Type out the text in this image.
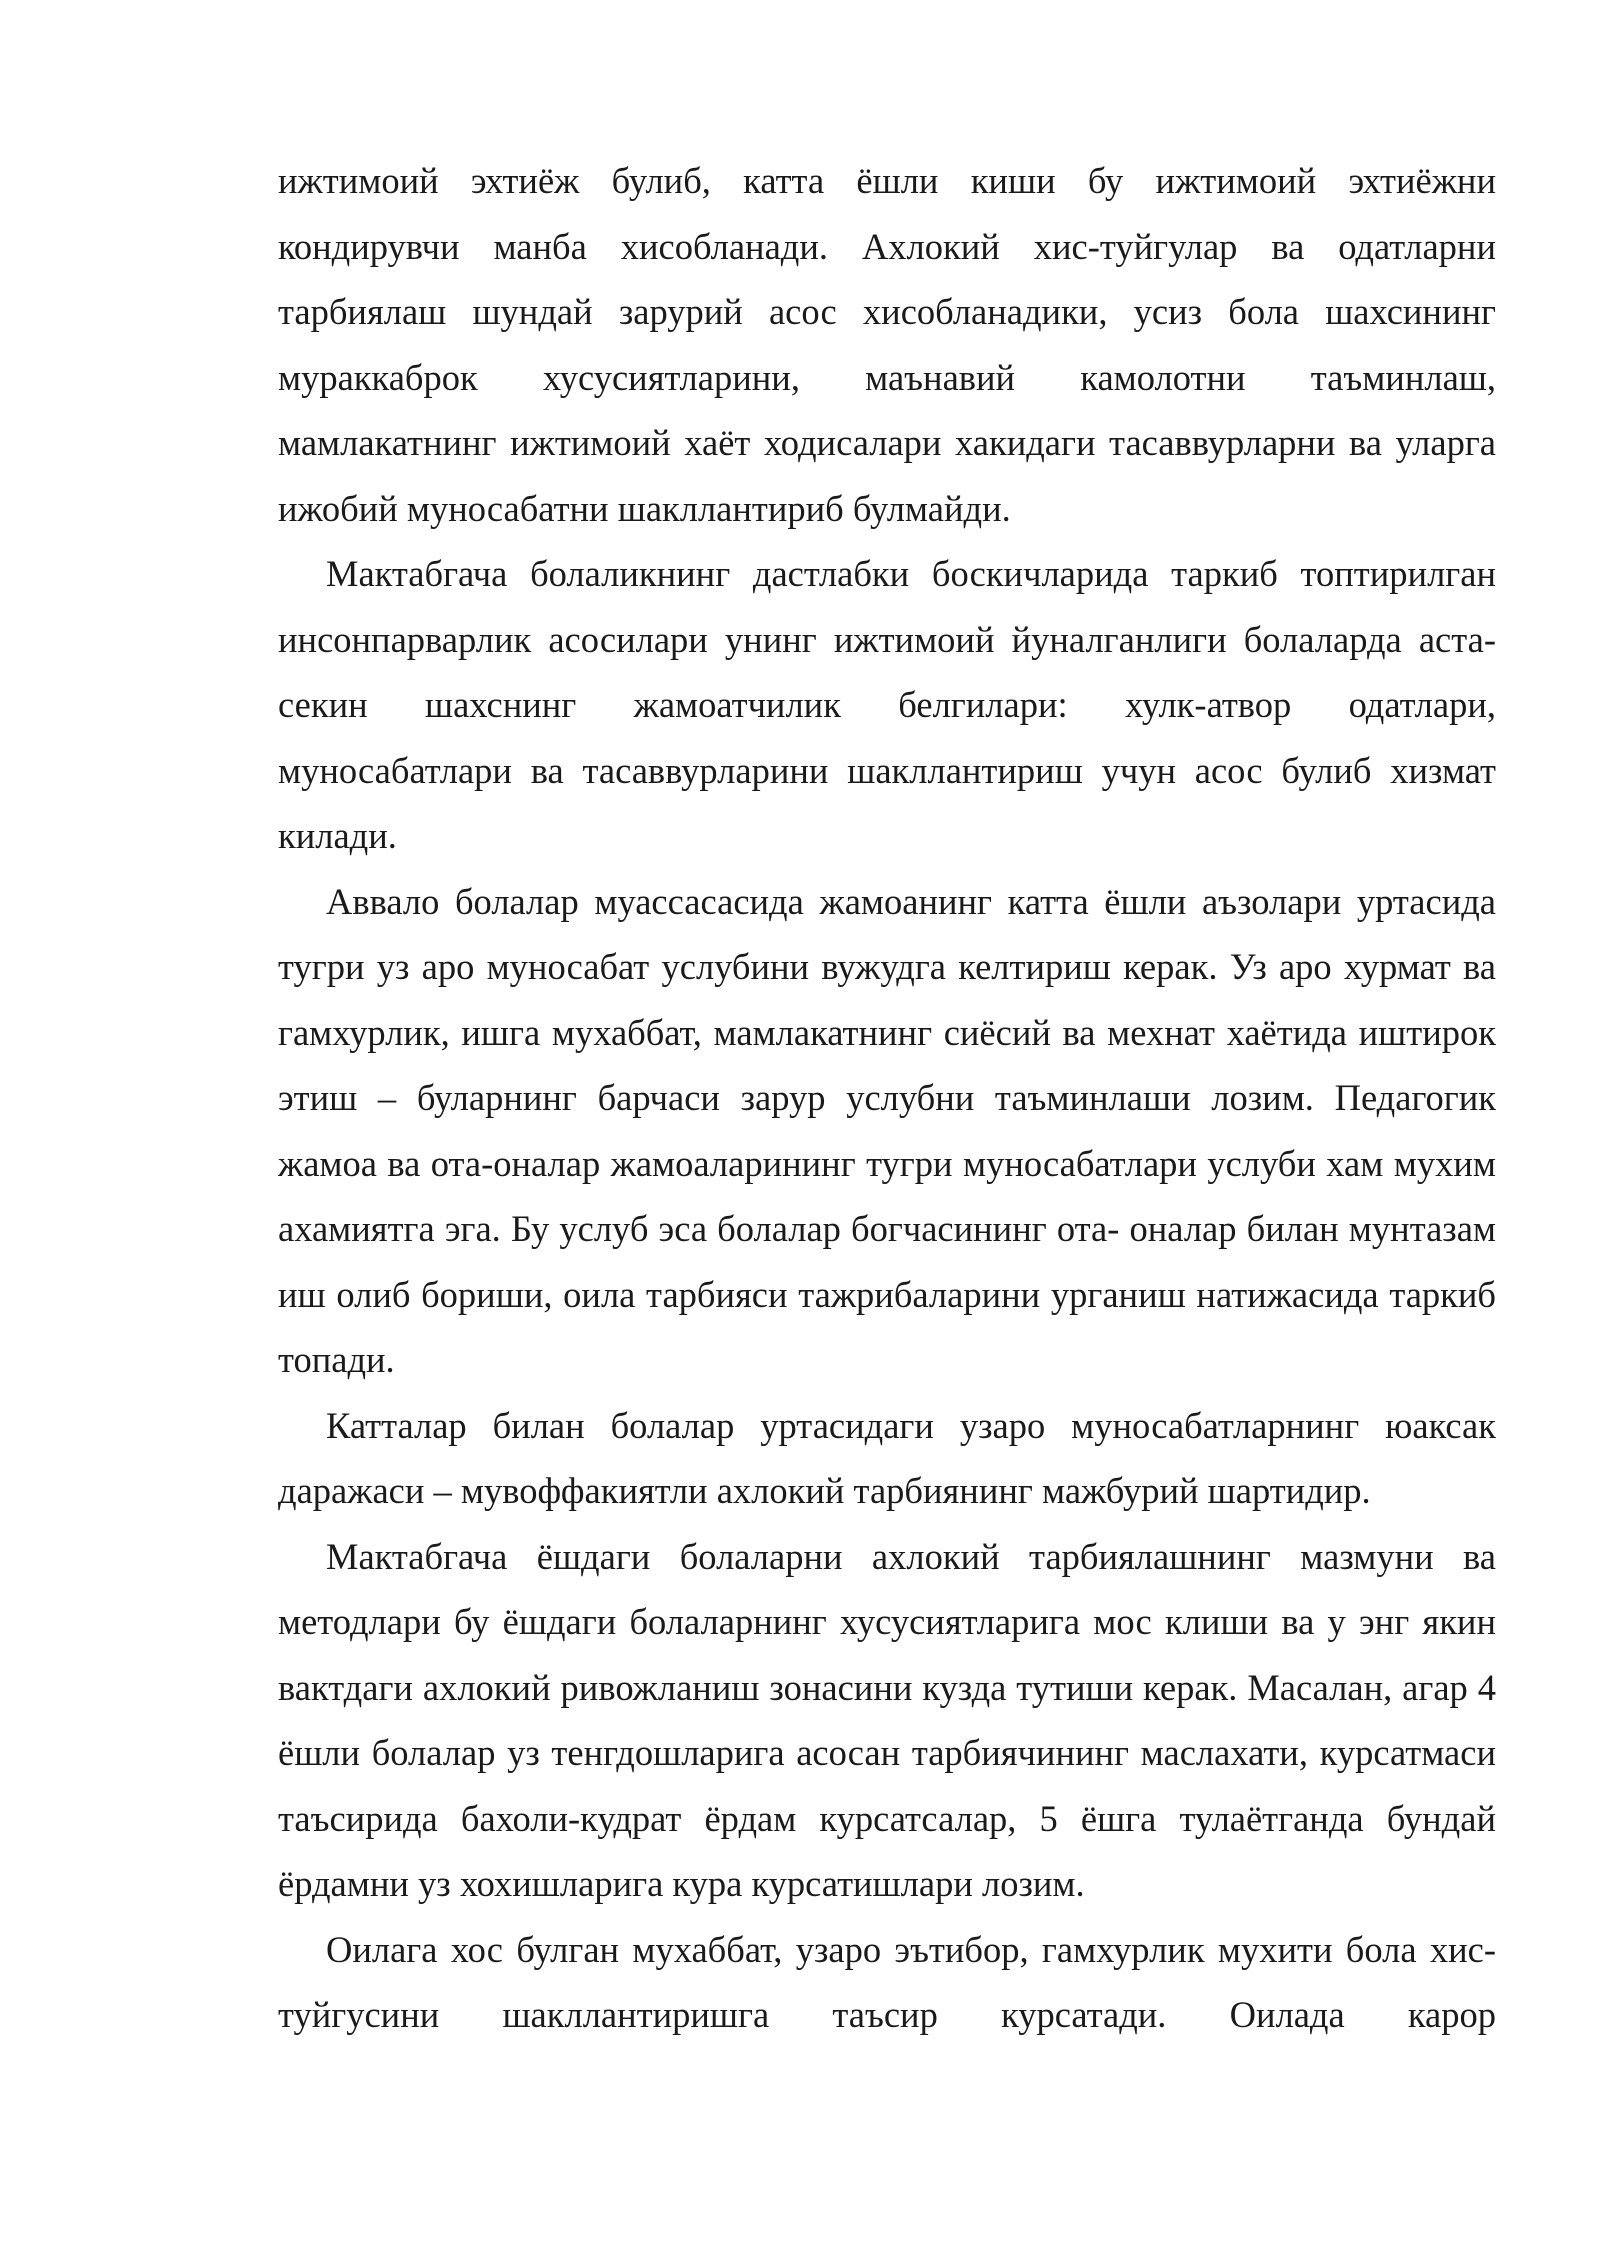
ижтимоий эхтиёж булиб, катта ёшли киши бу ижтимоий эхтиёжни кондирувчи манба хисобланади. Ахлокий хис-туйгулар ва одатларни тарбиялаш шундай зарурий асос хисобланадики, усиз бола шахсининг мураккаброк хусусиятларини, маънавий камолотни таъминлаш, мамлакатнинг ижтимоий хаёт ходисалари хакидаги тасаввурларни ва уларга ижобий муносабатни шакллантириб булмайди.

Мактабгача болаликнинг дастлабки боскичларида таркиб топтирилган инсонпарварлик асосилари унинг ижтимоий йуналганлиги болаларда аста- секин шахснинг жамоатчилик белгилари: хулк-атвор одатлари, муносабатлари ва тасаввурларини шакллантириш учун асос булиб хизмат килади.

Аввало болалар муассасасида жамоанинг катта ёшли аъзолари уртасида тугри уз аро муносабат услубини вужудга келтириш керак. Уз аро хурмат ва гамхурлик, ишга мухаббат, мамлакатнинг сиёсий ва мехнат хаётида иштирок этиш – буларнинг барчаси зарур услубни таъминлаши лозим. Педагогик жамоа ва ота-оналар жамоаларининг тугри муносабатлари услуби хам мухим ахамиятга эга. Бу услуб эса болалар богчасининг ота- оналар билан мунтазам иш олиб бориши, оила тарбияси тажрибаларини урганиш натижасида таркиб топади.

Катталар билан болалар уртасидаги узаро муносабатларнинг юаксак даражаси – мувоффакиятли ахлокий тарбиянинг мажбурий шартидир.

Мактабгача ёшдаги болаларни ахлокий тарбиялашнинг мазмуни ва методлари бу ёшдаги болаларнинг хусусиятларига мос клиши ва у энг якин вактдаги ахлокий ривожланиш зонасини кузда тутиши керак. Масалан, агар 4 ёшли болалар уз тенгдошларига асосан тарбиячининг маслахати, курсатмаси таъсирида бахоли-кудрат ёрдам курсатсалар, 5 ёшга тулаётганда бундай ёрдамни уз хохишларига кура курсатишлари лозим.

Оилага хос булган мухаббат, узаро эътибор, гамхурлик мухити бола хис- туйгусини шакллантиришга таъсир курсатади. Оилада карор
